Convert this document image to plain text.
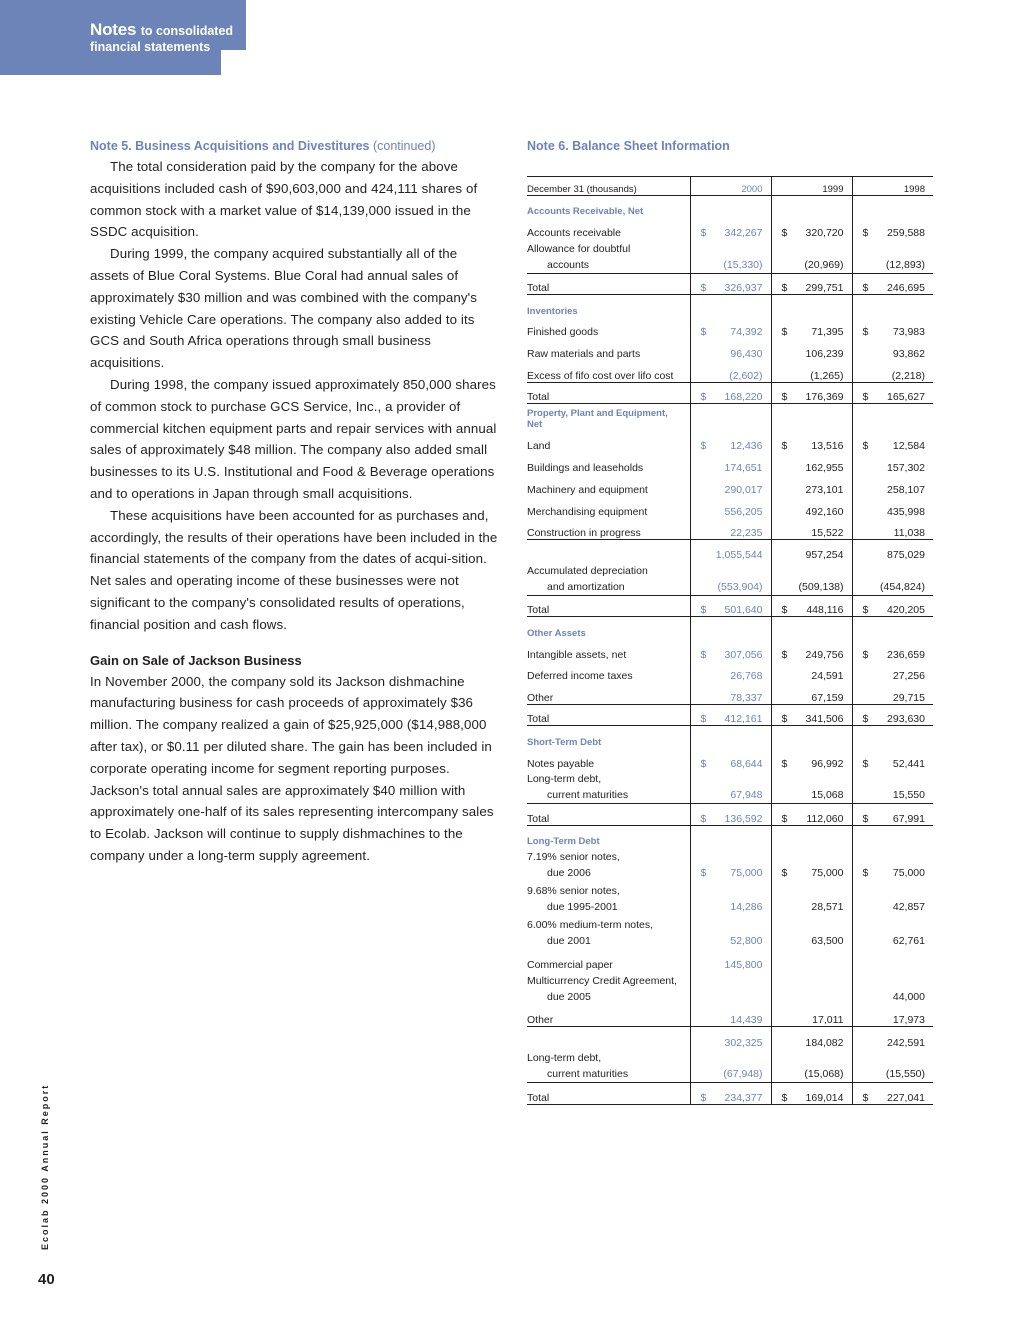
Notes to consolidated
financial statements
Note 5. Business Acquisitions and Divestitures (continued)

The total consideration paid by the company for the above acquisitions included cash of $90,603,000 and 424,111 shares of common stock with a market value of $14,139,000 issued in the SSDC acquisition.

During 1999, the company acquired substantially all of the assets of Blue Coral Systems. Blue Coral had annual sales of approximately $30 million and was combined with the company's existing Vehicle Care operations. The company also added to its GCS and South Africa operations through small business acquisitions.

During 1998, the company issued approximately 850,000 shares of common stock to purchase GCS Service, Inc., a provider of commercial kitchen equipment parts and repair services with annual sales of approximately $48 million. The company also added small businesses to its U.S. Institutional and Food & Beverage operations and to operations in Japan through small acquisitions.

These acquisitions have been accounted for as purchases and, accordingly, the results of their operations have been included in the financial statements of the company from the dates of acqui-sition. Net sales and operating income of these businesses were not significant to the company's consolidated results of operations, financial position and cash flows.

Gain on Sale of Jackson Business

In November 2000, the company sold its Jackson dishmachine manufacturing business for cash proceeds of approximately $36 million. The company realized a gain of $25,925,000 ($14,988,000 after tax), or $0.11 per diluted share. The gain has been included in corporate operating income for segment reporting purposes. Jackson's total annual sales are approximately $40 million with approximately one-half of its sales representing intercompany sales to Ecolab. Jackson will continue to supply dishmachines to the company under a long-term supply agreement.

Note 6. Balance Sheet Information
December 31 (thousands)	2000	1999	1998
Accounts Receivable, Net			
Accounts receivable	$ 342,267	$ 320,720	$ 259,588

Allowance for doubtful
accounts	(15,330)	(20,969)	(12,893)
Total	$ 326,937	$ 299,751	$ 246,695
Inventories			
Finished goods	$ 74,392	$ 71,395	$ 73,983
Raw materials and parts	96,430	106,239	93,862
Excess of fifo cost over lifo cost	(2,602)	(1,265)	(2,218)
Total	$ 168,220	$ 176,369	$ 165,627
Property, Plant and Equipment, Net			
Land	$ 12,436	$ 13,516	$ 12,584
Buildings and leaseholds	174,651	162,955	157,302
Machinery and equipment	290,017	273,101	258,107
Merchandising equipment	556,205	492,160	435,998
Construction in progress	22,235	15,522	11,038
	1,055,544	957,254	875,029

Accumulated depreciation
and amortization	(553,904)	(509,138)	(454,824)
Total	$ 501,640	$ 448,116	$ 420,205
Other Assets			
Intangible assets, net	$ 307,056	$ 249,756	$ 236,659
Deferred income taxes	26,768	24,591	27,256
Other	78,337	67,159	29,715
Total	$ 412,161	$ 341,506	$ 293,630
Short-Term Debt			
Notes payable	$ 68,644	$ 96,992	$ 52,441

Long-term debt,
current maturities	67,948	15,068	15,550
Total	$ 136,592	$ 112,060	$ 67,991
Long-Term Debt			

7.19% senior notes,
due 2006	$ 75,000	$ 75,000	$ 75,000

9.68% senior notes,
due 1995-2001	14,286	28,571	42,857

6.00% medium-term notes,
due 2001	52,800	63,500	62,761
Commercial paper	145,800		

Multicurrency Credit Agreement,
due 2005			44,000
Other	14,439	17,011	17,973
	302,325	184,082	242,591

Long-term debt,
current maturities	(67,948)	(15,068)	(15,550)
Total	$ 234,377	$ 169,014	$ 227,041
Ecolab 2000 Annual Report
40
